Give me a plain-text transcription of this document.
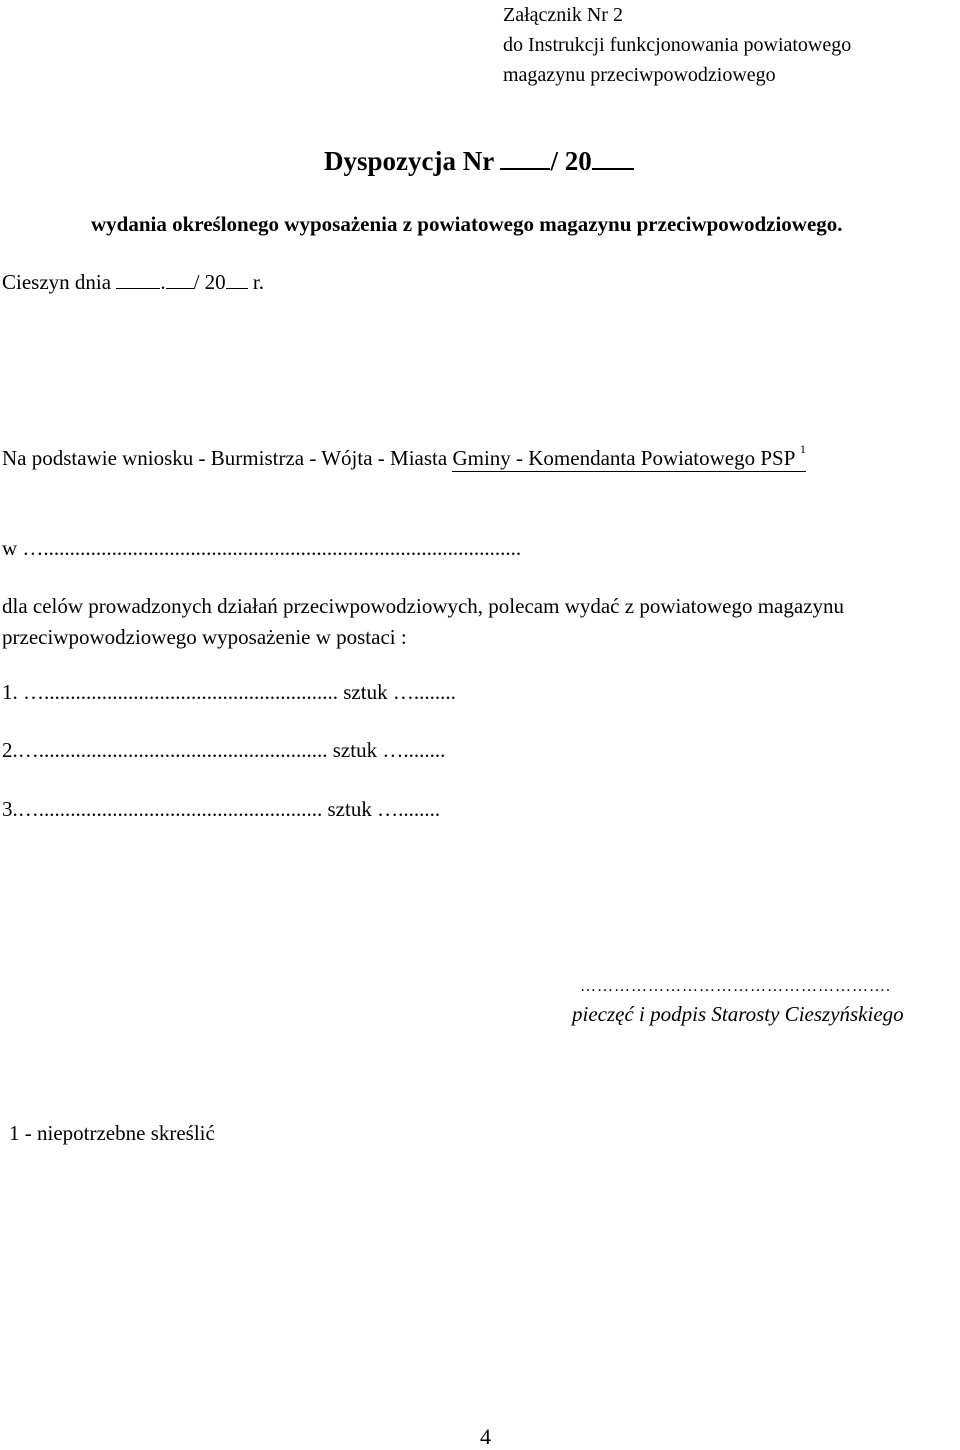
Załącznik Nr 2
do Instrukcji funkcjonowania powiatowego
magazynu przeciwpowodziowego
Dyspozycja Nr / 20
wydania określonego wyposażenia z powiatowego magazynu przeciwpowodziowego.
Cieszyn dnia . / 20 r.
Na podstawie wniosku - Burmistrza - Wójta - Miasta Gminy - Komendanta Powiatowego PSP $^1$
w …...........................................................................................
dla celów prowadzonych działań przeciwpowodziowych, polecam wydać z powiatowego magazynu
przeciwpowodziowego wyposażenie w postaci :
1. …........................................................ sztuk …........
2.…....................................................... sztuk …........
3.…...................................................... sztuk …........
……………………………………………….
pieczęć i podpis Starosty Cieszyńskiego
1 - niepotrzebne skreślić
4
